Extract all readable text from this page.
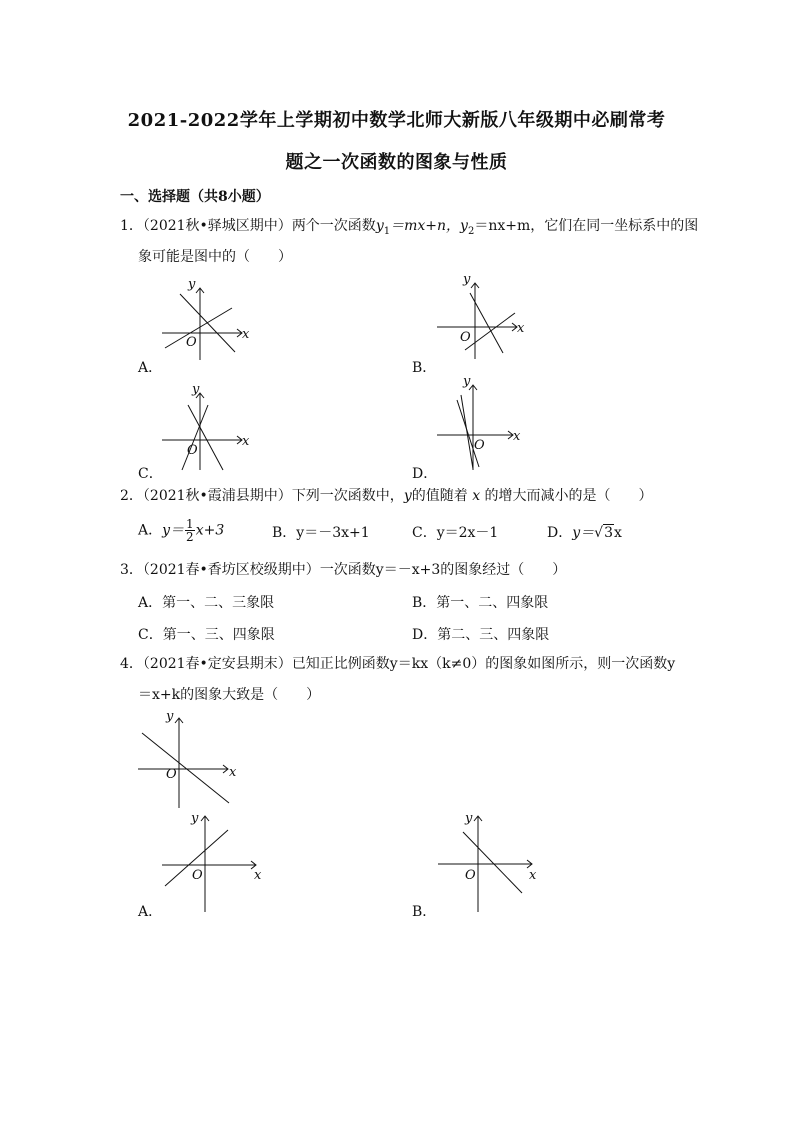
2021-2022学年上学期初中数学北师大新版八年级期中必刷常考
题之一次函数的图象与性质
一、选择题（共8小题）
1．（2021秋•驿城区期中）两个一次函数$y_1=mx+n$，$y_2=nx+m$，它们在同一坐标系中的图
象可能是图中的（　　）
x
y
O
A．
x
y
O
B．
x
y
O
C．
x
y
O
D．
2．（2021秋•霞浦县期中）下列一次函数中，y的值随着 x 的增大而减小的是（　　）
A．$y= \frac{1}{2} x+3$	B．y＝－3x+1	C．y＝2x－1	D．y＝√3x
3．（2021春•香坊区校级期中）一次函数y＝－x+3的图象经过（　　）
A．第一、二、三象限	B．第一、二、四象限
C．第一、三、四象限	D．第二、三、四象限
4．（2021春•定安县期末）已知正比例函数y＝kx（k≠0）的图象如图所示，则一次函数y
＝x+k的图象大致是（　　）
x
y
O
x
y
O
A．
x
y
O
B．
